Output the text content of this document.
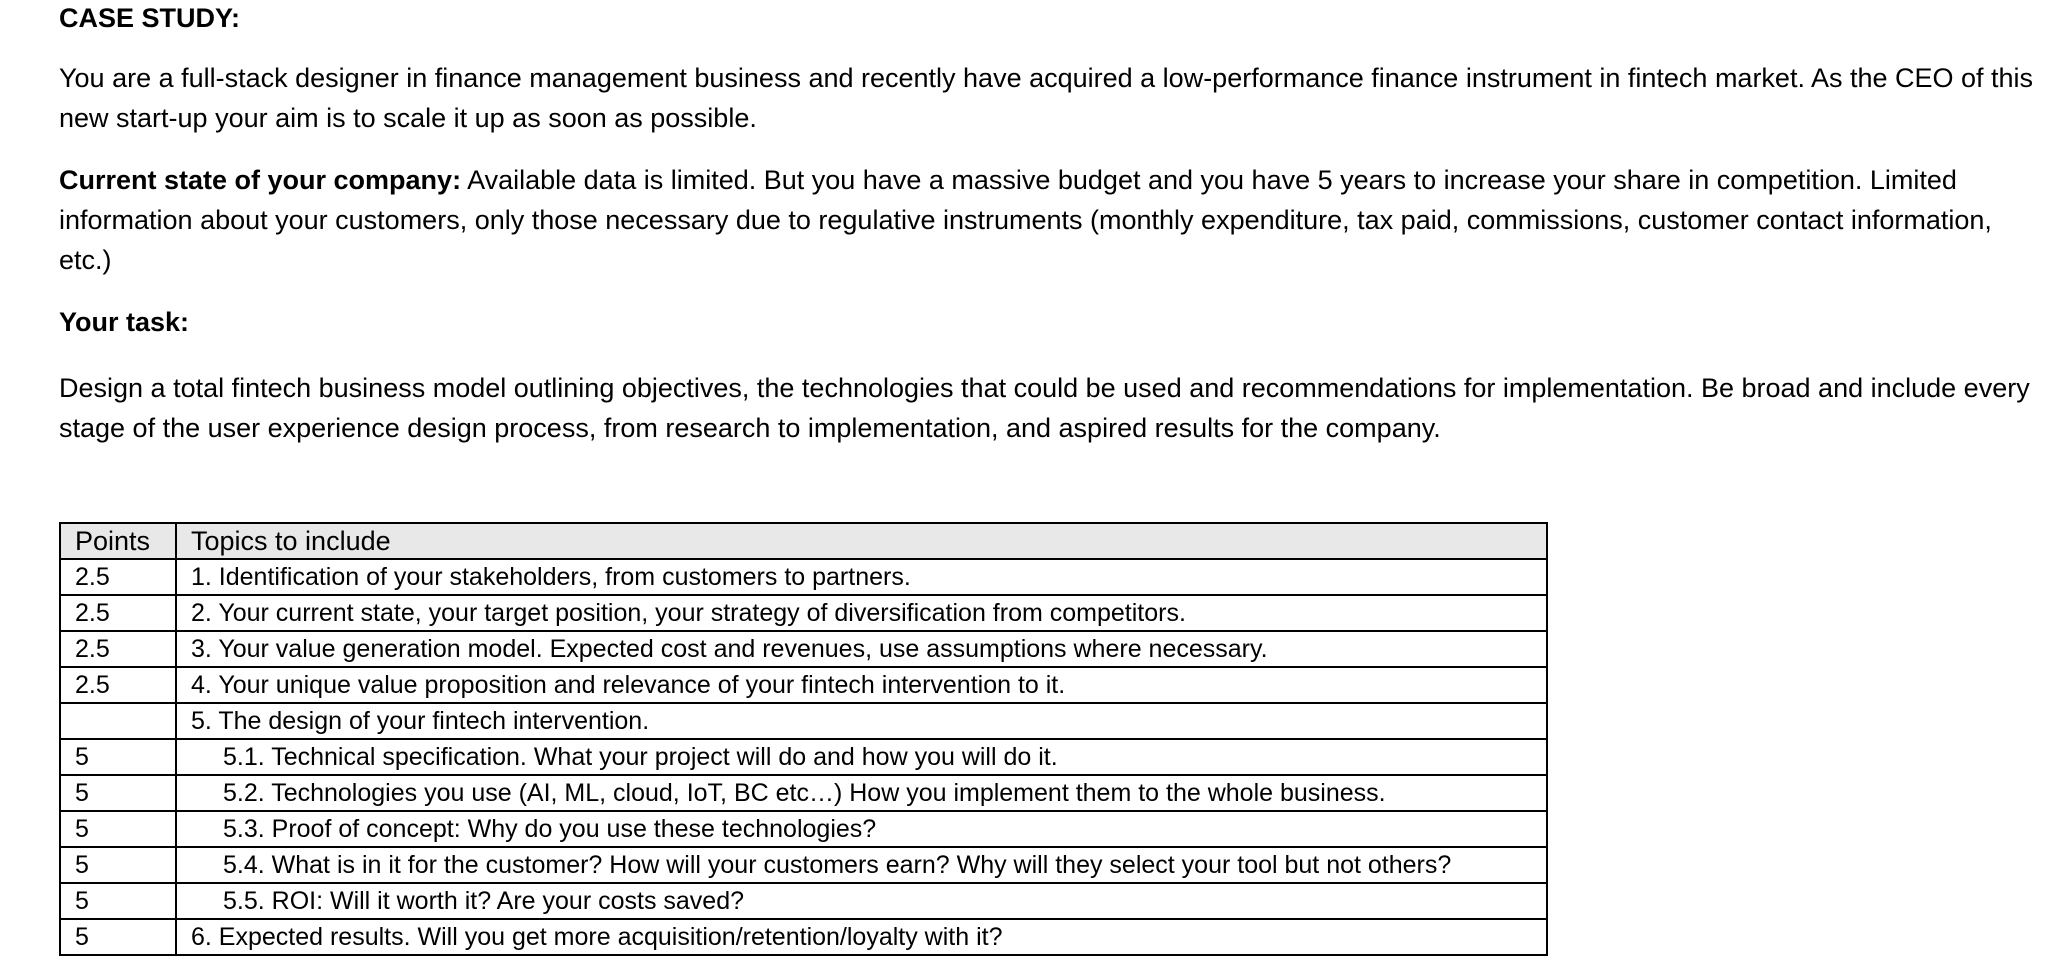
CASE STUDY:

You are a full-stack designer in finance management business and recently have acquired a low-performance finance instrument in fintech market. As the CEO of this new start-up your aim is to scale it up as soon as possible.

Current state of your company: Available data is limited. But you have a massive budget and you have 5 years to increase your share in competition. Limited information about your customers, only those necessary due to regulative instruments (monthly expenditure, tax paid, commissions, customer contact information, etc.)

Your task:

Design a total fintech business model outlining objectives, the technologies that could be used and recommendations for implementation. Be broad and include every stage of the user experience design process, from research to implementation, and aspired results for the company.

Points	Topics to include
2.5	1. Identification of your stakeholders, from customers to partners.
2.5	2. Your current state, your target position, your strategy of diversification from competitors.
2.5	3. Your value generation model. Expected cost and revenues, use assumptions where necessary.
2.5	4. Your unique value proposition and relevance of your fintech intervention to it.
	5. The design of your fintech intervention.
5	5.1. Technical specification. What your project will do and how you will do it.
5	5.2. Technologies you use (AI, ML, cloud, IoT, BC etc…) How you implement them to the whole business.
5	5.3. Proof of concept: Why do you use these technologies?
5	5.4. What is in it for the customer? How will your customers earn? Why will they select your tool but not others?
5	5.5. ROI: Will it worth it? Are your costs saved?
5	6. Expected results. Will you get more acquisition/retention/loyalty with it?
